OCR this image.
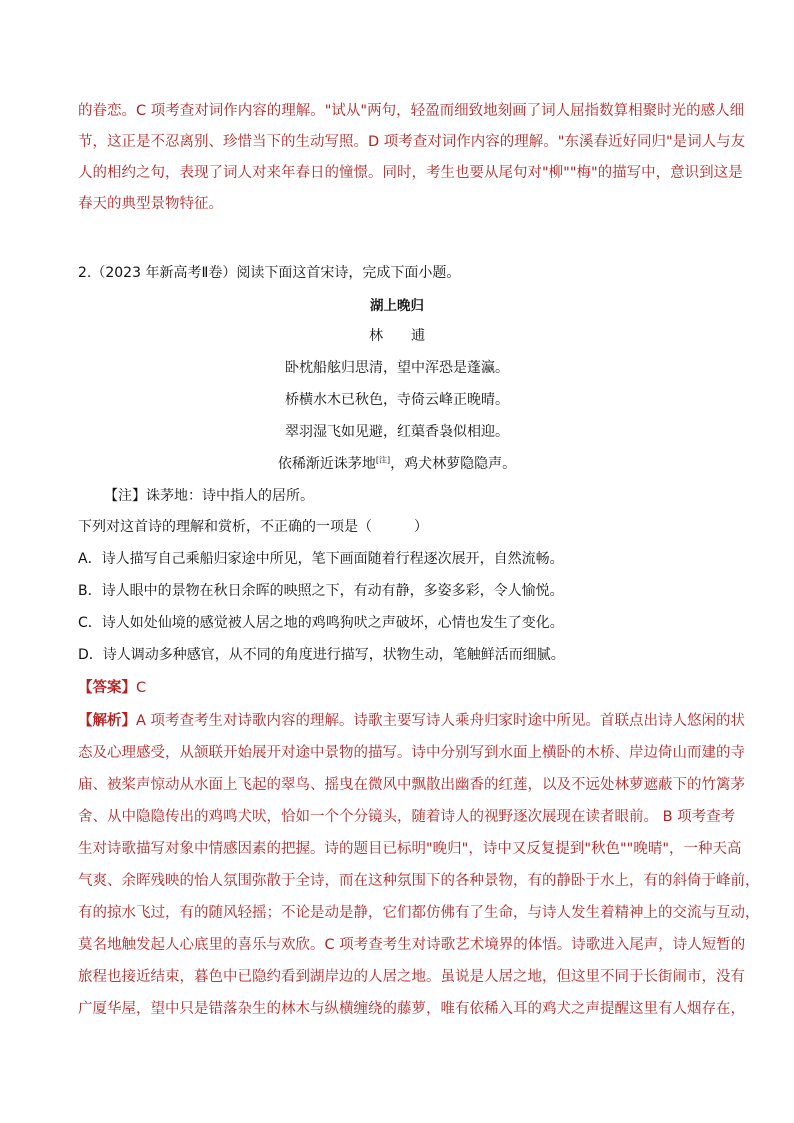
的眷恋。C 项考查对词作内容的理解。"试从"两句，轻盈而细致地刻画了词人屈指数算相聚时光的感人细
节，这正是不忍离别、珍惜当下的生动写照。D 项考查对词作内容的理解。"东溪春近好同归"是词人与友
人的相约之句，表现了词人对来年春日的憧憬。同时，考生也要从尾句对"柳""梅"的描写中，意识到这是
春天的典型景物特征。
2.（2023 年新高考Ⅱ卷）阅读下面这首宋诗，完成下面小题。
湖上晚归
林　　逋
卧枕船舷归思清，望中浑恐是蓬瀛。
桥横水木已秋色，寺倚云峰正晚晴。
翠羽湿飞如见避，红蕖香袅似相迎。
依稀渐近诛茅地[注]，鸡犬林萝隐隐声。
【注】诛茅地：诗中指人的居所。
下列对这首诗的理解和赏析，不正确的一项是（　　　）
A．诗人描写自己乘船归家途中所见，笔下画面随着行程逐次展开，自然流畅。
B．诗人眼中的景物在秋日余晖的映照之下，有动有静，多姿多彩，令人愉悦。
C．诗人如处仙境的感觉被人居之地的鸡鸣狗吠之声破坏，心情也发生了变化。
D．诗人调动多种感官，从不同的角度进行描写，状物生动，笔触鲜活而细腻。
【答案】C
【解析】A 项考查考生对诗歌内容的理解。诗歌主要写诗人乘舟归家时途中所见。首联点出诗人悠闲的状
态及心理感受，从颔联开始展开对途中景物的描写。诗中分别写到水面上横卧的木桥、岸边倚山而建的寺
庙、被桨声惊动从水面上飞起的翠鸟、摇曳在微风中飘散出幽香的红莲，以及不远处林萝遮蔽下的竹篱茅
舍、从中隐隐传出的鸡鸣犬吠，恰如一个个分镜头，随着诗人的视野逐次展现在读者眼前。 B 项考查考
生对诗歌描写对象中情感因素的把握。诗的题目已标明"晚归"，诗中又反复提到"秋色""晚晴"，一种天高
气爽、余晖残映的怡人氛围弥散于全诗，而在这种氛围下的各种景物，有的静卧于水上，有的斜倚于峰前，
有的掠水飞过，有的随风轻摇；不论是动是静，它们都仿佛有了生命，与诗人发生着精神上的交流与互动，
莫名地触发起人心底里的喜乐与欢欣。C 项考查考生对诗歌艺术境界的体悟。诗歌进入尾声，诗人短暂的
旅程也接近结束，暮色中已隐约看到湖岸边的人居之地。虽说是人居之地，但这里不同于长街闹市，没有
广厦华屋，望中只是错落杂生的林木与纵横缠绕的藤萝，唯有依稀入耳的鸡犬之声提醒这里有人烟存在，
